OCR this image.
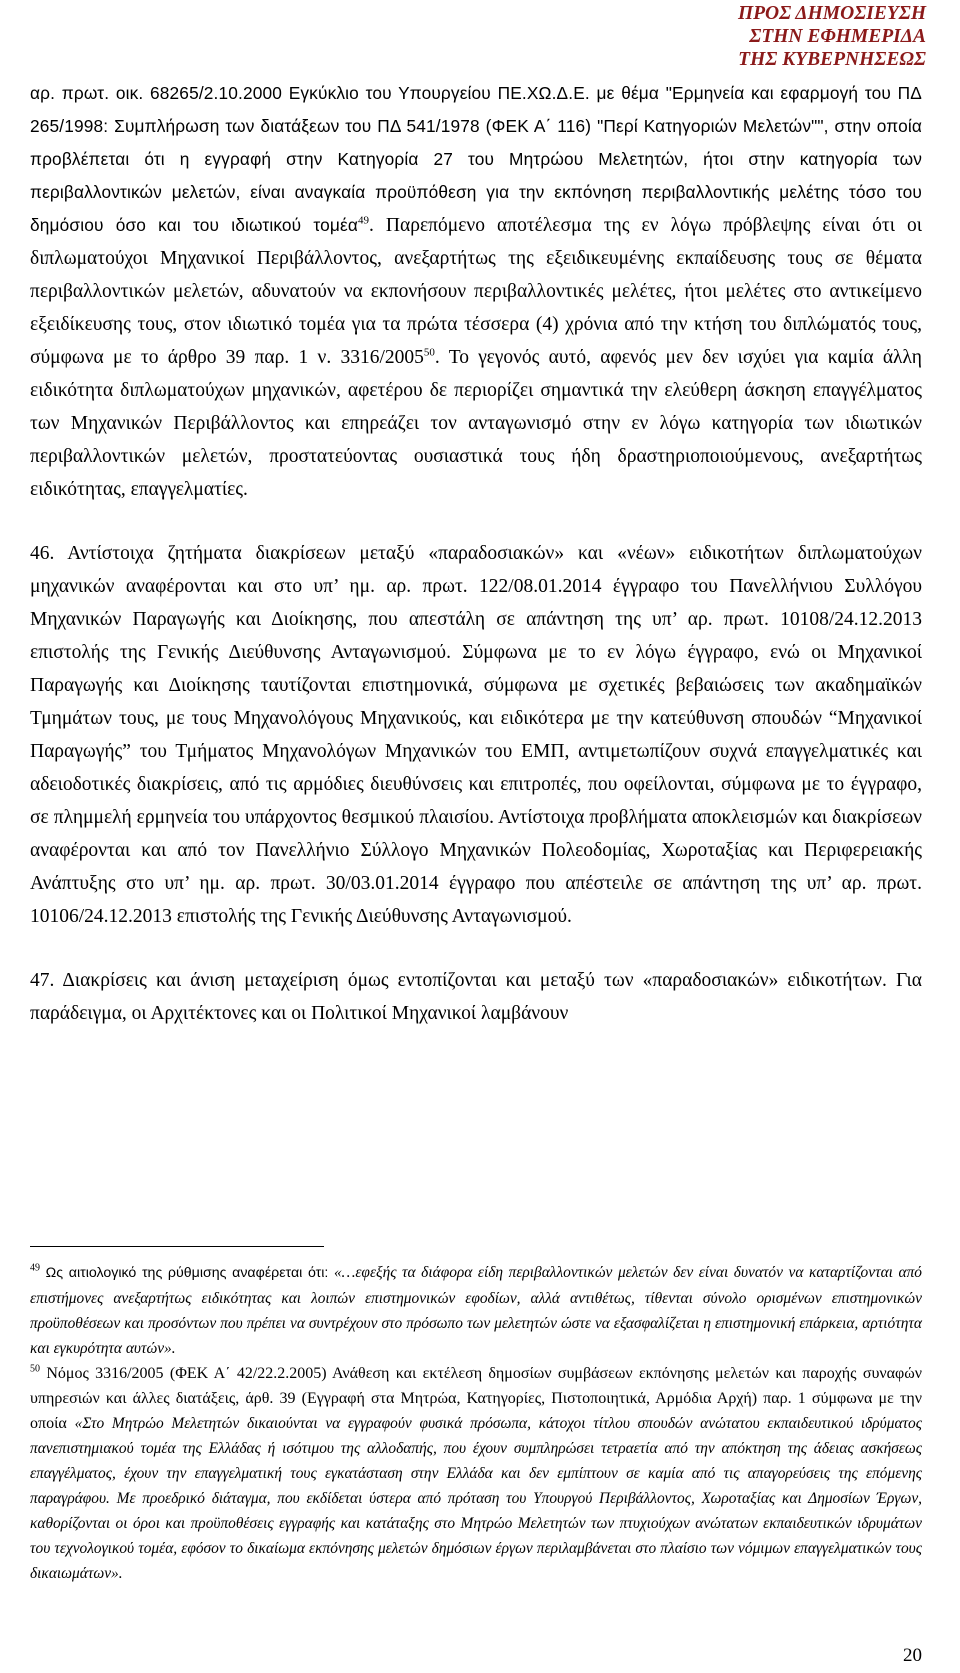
ΠΡΟΣ ΔΗΜΟΣΙΕΥΣΗ
ΣΤΗΝ ΕΦΗΜΕΡΙΔΑ
ΤΗΣ ΚΥΒΕΡΝΗΣΕΩΣ

αρ. πρωτ. οικ. 68265/2.10.2000 Εγκύκλιο του Υπουργείου ΠΕ.ΧΩ.Δ.Ε. με θέμα "Ερμηνεία και εφαρμογή του ΠΔ 265/1998: Συμπλήρωση των διατάξεων του ΠΔ 541/1978 (ΦΕΚ Α΄ 116) "Περί Κατηγοριών Μελετών"", στην οποία προβλέπεται ότι η εγγραφή στην Κατηγορία 27 του Μητρώου Μελετητών, ήτοι στην κατηγορία των περιβαλλοντικών μελετών, είναι αναγκαία προϋπόθεση για την εκπόνηση περιβαλλοντικής μελέτης τόσο του δημόσιου όσο και του ιδιωτικού τομέα$^{49}$. Παρεπόμενο αποτέλεσμα της εν λόγω πρόβλεψης είναι ότι οι διπλωματούχοι Μηχανικοί Περιβάλλοντος, ανεξαρτήτως της εξειδικευμένης εκπαίδευσης τους σε θέματα περιβαλλοντικών μελετών, αδυνατούν να εκπονήσουν περιβαλλοντικές μελέτες, ήτοι μελέτες στο αντικείμενο εξειδίκευσης τους, στον ιδιωτικό τομέα για τα πρώτα τέσσερα (4) χρόνια από την κτήση του διπλώματός τους, σύμφωνα με το άρθρο 39 παρ. 1 ν. 3316/2005$^{50}$. Το γεγονός αυτό, αφενός μεν δεν ισχύει για καμία άλλη ειδικότητα διπλωματούχων μηχανικών, αφετέρου δε περιορίζει σημαντικά την ελεύθερη άσκηση επαγγέλματος των Μηχανικών Περιβάλλοντος και επηρεάζει τον ανταγωνισμό στην εν λόγω κατηγορία των ιδιωτικών περιβαλλοντικών μελετών, προστατεύοντας ουσιαστικά τους ήδη δραστηριοποιούμενους, ανεξαρτήτως ειδικότητας, επαγγελματίες.

46. Αντίστοιχα ζητήματα διακρίσεων μεταξύ «παραδοσιακών» και «νέων» ειδικοτήτων διπλωματούχων μηχανικών αναφέρονται και στο υπ’ ημ. αρ. πρωτ. 122/08.01.2014 έγγραφο του Πανελλήνιου Συλλόγου Μηχανικών Παραγωγής και Διοίκησης, που απεστάλη σε απάντηση της υπ’ αρ. πρωτ. 10108/24.12.2013 επιστολής της Γενικής Διεύθυνσης Ανταγωνισμού. Σύμφωνα με το εν λόγω έγγραφο, ενώ οι Μηχανικοί Παραγωγής και Διοίκησης ταυτίζονται επιστημονικά, σύμφωνα με σχετικές βεβαιώσεις των ακαδημαϊκών Τμημάτων τους, με τους Μηχανολόγους Μηχανικούς, και ειδικότερα με την κατεύθυνση σπουδών “Μηχανικοί Παραγωγής” του Τμήματος Μηχανολόγων Μηχανικών του ΕΜΠ, αντιμετωπίζουν συχνά επαγγελματικές και αδειοδοτικές διακρίσεις, από τις αρμόδιες διευθύνσεις και επιτροπές, που οφείλονται, σύμφωνα με το έγγραφο, σε πλημμελή ερμηνεία του υπάρχοντος θεσμικού πλαισίου. Αντίστοιχα προβλήματα αποκλεισμών και διακρίσεων αναφέρονται και από τον Πανελλήνιο Σύλλογο Μηχανικών Πολεοδομίας, Χωροταξίας και Περιφερειακής Ανάπτυξης στο υπ’ ημ. αρ. πρωτ. 30/03.01.2014 έγγραφο που απέστειλε σε απάντηση της υπ’ αρ. πρωτ. 10106/24.12.2013 επιστολής της Γενικής Διεύθυνσης Ανταγωνισμού.

47. Διακρίσεις και άνιση μεταχείριση όμως εντοπίζονται και μεταξύ των «παραδοσιακών» ειδικοτήτων. Για παράδειγμα, οι Αρχιτέκτονες και οι Πολιτικοί Μηχανικοί λαμβάνουν

$^{49}$ Ως αιτιολογικό της ρύθμισης αναφέρεται ότι: «…εφεξής τα διάφορα είδη περιβαλλοντικών μελετών δεν είναι δυνατόν να καταρτίζονται από επιστήμονες ανεξαρτήτως ειδικότητας και λοιπών επιστημονικών εφοδίων, αλλά αντιθέτως, τίθενται σύνολο ορισμένων επιστημονικών προϋποθέσεων και προσόντων που πρέπει να συντρέχουν στο πρόσωπο των μελετητών ώστε να εξασφαλίζεται η επιστημονική επάρκεια, αρτιότητα και εγκυρότητα αυτών».

$^{50}$ Νόμος 3316/2005 (ΦΕΚ Α΄ 42/22.2.2005) Ανάθεση και εκτέλεση δημοσίων συμβάσεων εκπόνησης μελετών και παροχής συναφών υπηρεσιών και άλλες διατάξεις, άρθ. 39 (Εγγραφή στα Μητρώα, Κατηγορίες, Πιστοποιητικά, Αρμόδια Αρχή) παρ. 1 σύμφωνα με την οποία «Στο Μητρώο Μελετητών δικαιούνται να εγγραφούν φυσικά πρόσωπα, κάτοχοι τίτλου σπουδών ανώτατου εκπαιδευτικού ιδρύματος πανεπιστημιακού τομέα της Ελλάδας ή ισότιμου της αλλοδαπής, που έχουν συμπληρώσει τετραετία από την απόκτηση της άδειας ασκήσεως επαγγέλματος, έχουν την επαγγελματική τους εγκατάσταση στην Ελλάδα και δεν εμπίπτουν σε καμία από τις απαγορεύσεις της επόμενης παραγράφου. Με προεδρικό διάταγμα, που εκδίδεται ύστερα από πρόταση του Υπουργού Περιβάλλοντος, Χωροταξίας και Δημοσίων Έργων, καθορίζονται οι όροι και προϋποθέσεις εγγραφής και κατάταξης στο Μητρώο Μελετητών των πτυχιούχων ανώτατων εκπαιδευτικών ιδρυμάτων του τεχνολογικού τομέα, εφόσον το δικαίωμα εκπόνησης μελετών δημόσιων έργων περιλαμβάνεται στο πλαίσιο των νόμιμων επαγγελματικών τους δικαιωμάτων».

20
